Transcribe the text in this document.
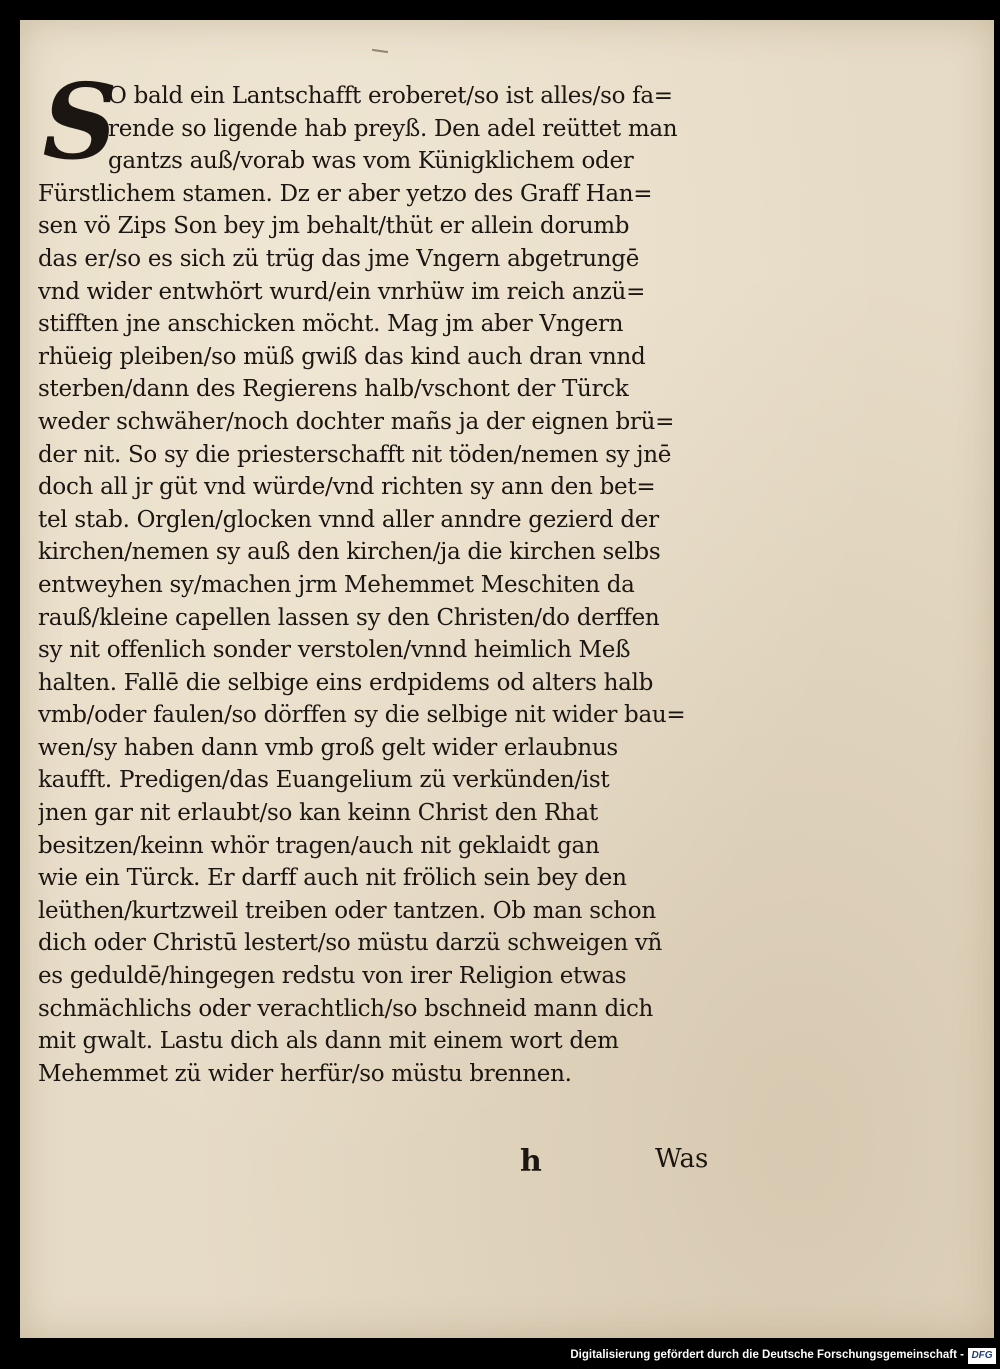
S
O bald ein Lantschafft eroberet/so ist alles/so fa=
rende so ligende hab preyß. Den adel reüttet man
gantzs auß/vorab was vom Künigklichem oder
Fürstlichem stamen. Dz er aber yetzo des Graff Han=
sen vö Zips Son bey jm behalt/thüt er allein dorumb
das er/so es sich zü trüg das jme Vngern abgetrungē
vnd wider entwhört wurd/ein vnrhüw im reich anzü=
stifften jne anschicken möcht. Mag jm aber Vngern
rhüeig pleiben/so müß gwiß das kind auch dran vnnd
sterben/dann des Regierens halb/vschont der Türck
weder schwäher/noch dochter mañs ja der eignen brü=
der nit. So sy die priesterschafft nit töden/nemen sy jnē
doch all jr güt vnd würde/vnd richten sy ann den bet=
tel stab. Orglen/glocken vnnd aller anndre gezierd der
kirchen/nemen sy auß den kirchen/ja die kirchen selbs
entweyhen sy/machen jrm Mehemmet Meschiten da
rauß/kleine capellen lassen sy den Christen/do derffen
sy nit offenlich sonder verstolen/vnnd heimlich Meß
halten. Fallē die selbige eins erdpidems od alters halb
vmb/oder faulen/so dörffen sy die selbige nit wider bau=
wen/sy haben dann vmb groß gelt wider erlaubnus
kaufft. Predigen/das Euangelium zü verkünden/ist
jnen gar nit erlaubt/so kan keinn Christ den Rhat
besitzen/keinn whör tragen/auch nit geklaidt gan
wie ein Türck. Er darff auch nit frölich sein bey den
leüthen/kurtzweil treiben oder tantzen. Ob man schon
dich oder Christū lestert/so müstu darzü schweigen vñ
es geduldē/hingegen redstu von irer Religion etwas
schmächlichs oder verachtlich/so bschneid mann dich
mit gwalt. Lastu dich als dann mit einem wort dem
Mehemmet zü wider herfür/so müstu brennen.
h	Was
Digitalisierung gefördert durch die Deutsche Forschungsgemeinschaft - DFG
